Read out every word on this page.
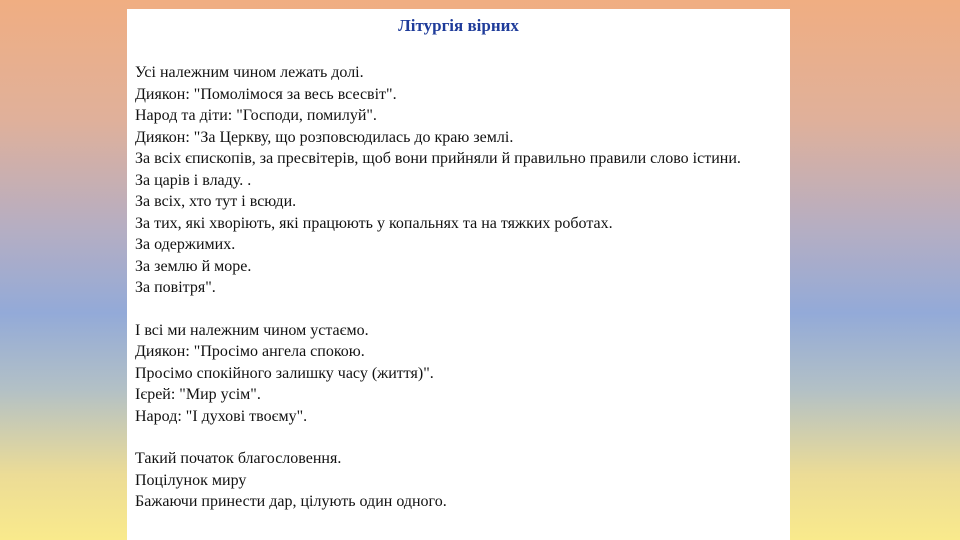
Літургія вірних
Усі належним чином лежать долі.
Диякон: "Помолімося за весь всесвіт".
Народ та діти: "Господи, помилуй".
Диякон: "За Церкву, що розповсюдилась до краю землі.
За всіх єпископів, за пресвітерів, щоб вони прийняли й правильно правили слово істини.
За царів і владу. .
За всіх, хто тут і всюди.
За тих, які хворіють, які працюють у копальнях та на тяжких роботах.
За одержимих.
За землю й море.
За повітря".
І всі ми належним чином устаємо.
Диякон: "Просімо ангела спокою.
Просімо спокійного залишку часу (життя)".
Ієрей: "Мир усім".
Народ: "І духові твоєму".
Такий початок благословення.
Поцілунок миру
Бажаючи принести дар, цілують один одного.
